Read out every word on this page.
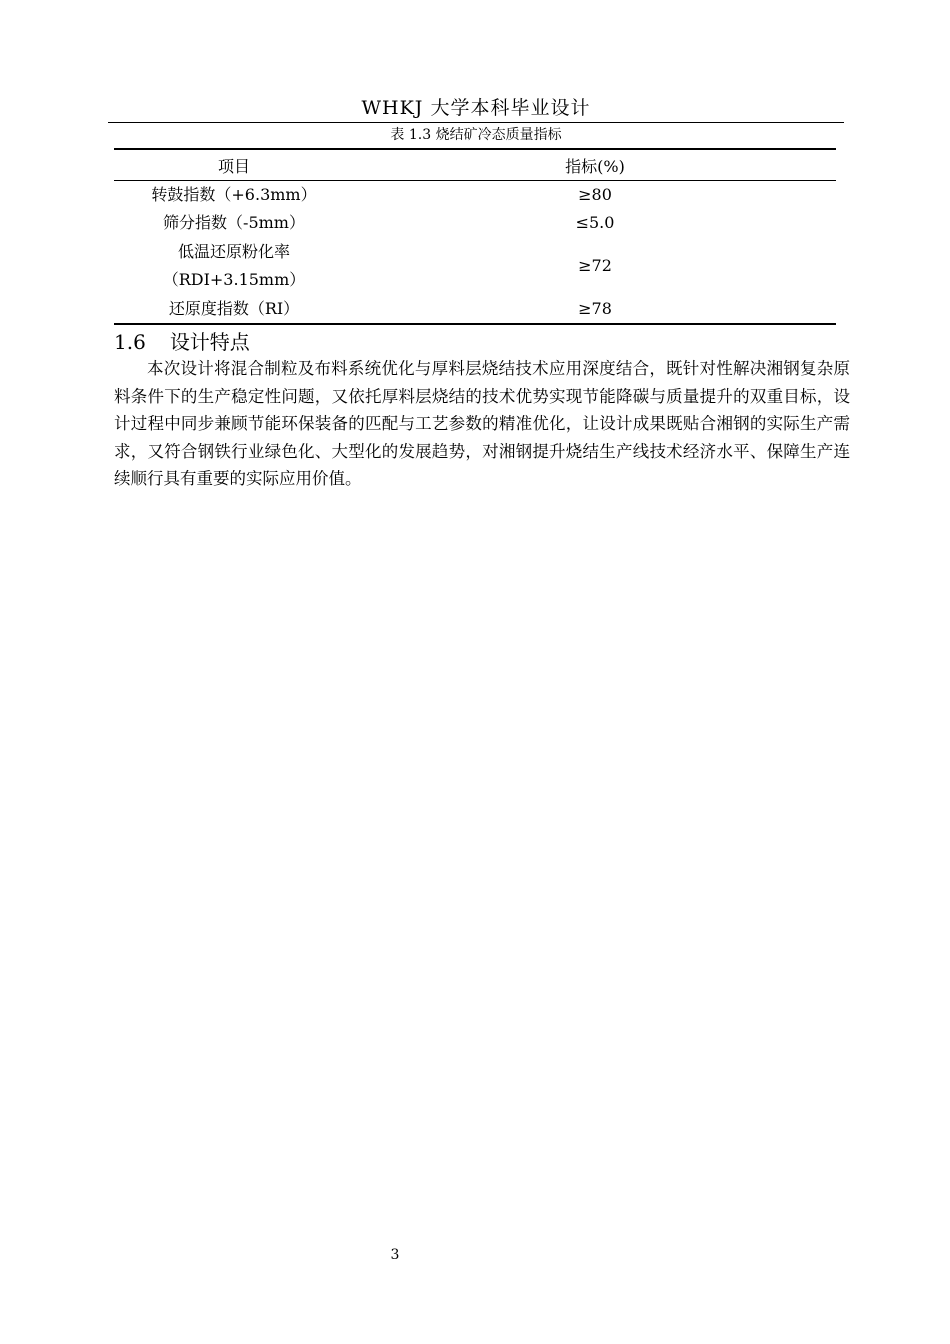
WHKJ 大学本科毕业设计
表 1.3 烧结矿冷态质量指标
项目	指标(%)
转鼓指数（+6.3mm）	≥80
筛分指数（-5mm）	≤5.0

低温还原粉化率
（RDI+3.15mm）	≥72
还原度指数（RI）	≥78
1.6 设计特点

本次设计将混合制粒及布料系统优化与厚料层烧结技术应用深度结合，既针对性解决湘钢复杂原料条件下的生产稳定性问题，又依托厚料层烧结的技术优势实现节能降碳与质量提升的双重目标，设计过程中同步兼顾节能环保装备的匹配与工艺参数的精准优化，让设计成果既贴合湘钢的实际生产需求，又符合钢铁行业绿色化、大型化的发展趋势，对湘钢提升烧结生产线技术经济水平、保障生产连续顺行具有重要的实际应用价值。

3
